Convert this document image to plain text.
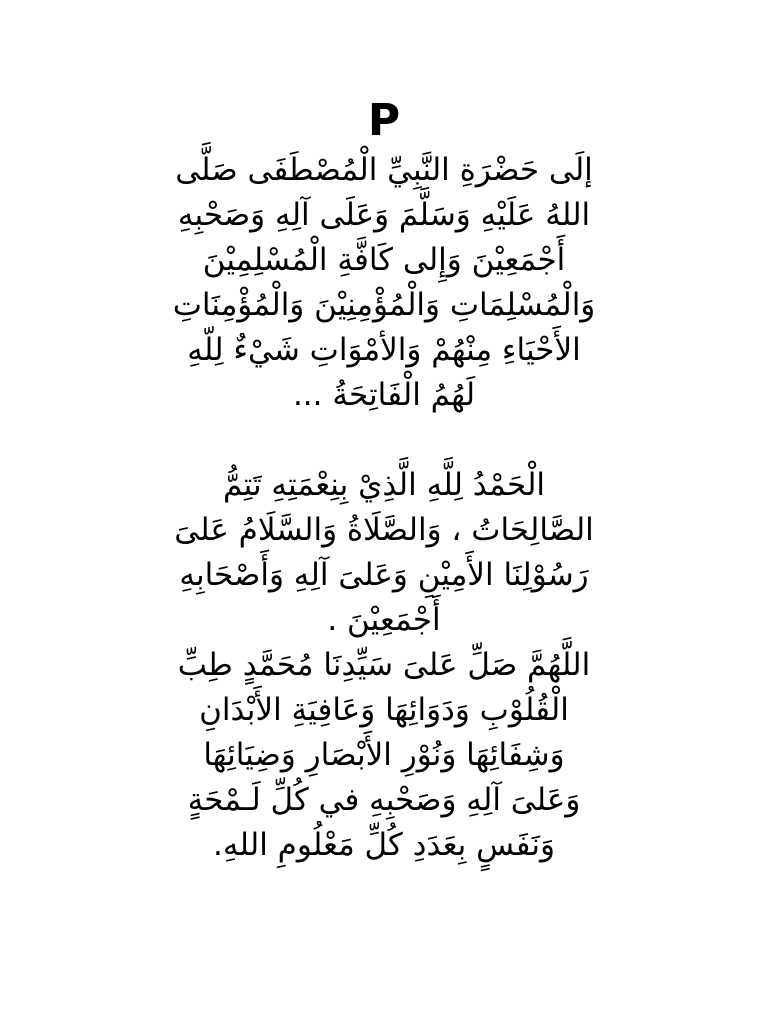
P
إلَى حَضْرَةِ النَّبِيِّ الْمُصْطَفَى صَلَّى
اللهُ عَلَيْهِ وَسَلَّمَ وَعَلَى آلِهِ وَصَحْبِهِ
أَجْمَعِيْنَ وَإِلى كَافَّةِ الْمُسْلِمِيْنَ
وَالْمُسْلِمَاتِ وَالْمُؤْمِنِيْنَ وَالْمُؤْمِنَاتِ
الأَحْيَاءِ مِنْهُمْ وَالأمْوَاتِ شَيْءٌ لِلّهِ
لَهُمُ الْفَاتِحَةُ ...
الْحَمْدُ لِلَّهِ الَّذِيْ بِنِعْمَتِهِ تَتِمُّ
الصَّالِحَاتُ ، وَالصَّلَاةُ وَالسَّلَامُ عَلىَ
رَسُوْلِنَا الأَمِيْنِ وَعَلىَ آلِهِ وَأَصْحَابِهِ
أَجْمَعِيْنَ .
اللَّهُمَّ صَلِّ عَلىَ سَيِّدِنَا مُحَمَّدٍ طِبِّ
الْقُلُوْبِ وَدَوَائِهَا وَعَافِيَةِ الأَبْدَانِ
وَشِفَائِهَا وَنُوْرِ الأَبْصَارِ وَضِيَائِهَا
وَعَلىَ آلِهِ وَصَحْبِهِ في كُلِّ لَـمْحَةٍ
وَنَفَسٍ بِعَدَدِ كُلِّ مَعْلُومِ اللهِ.
